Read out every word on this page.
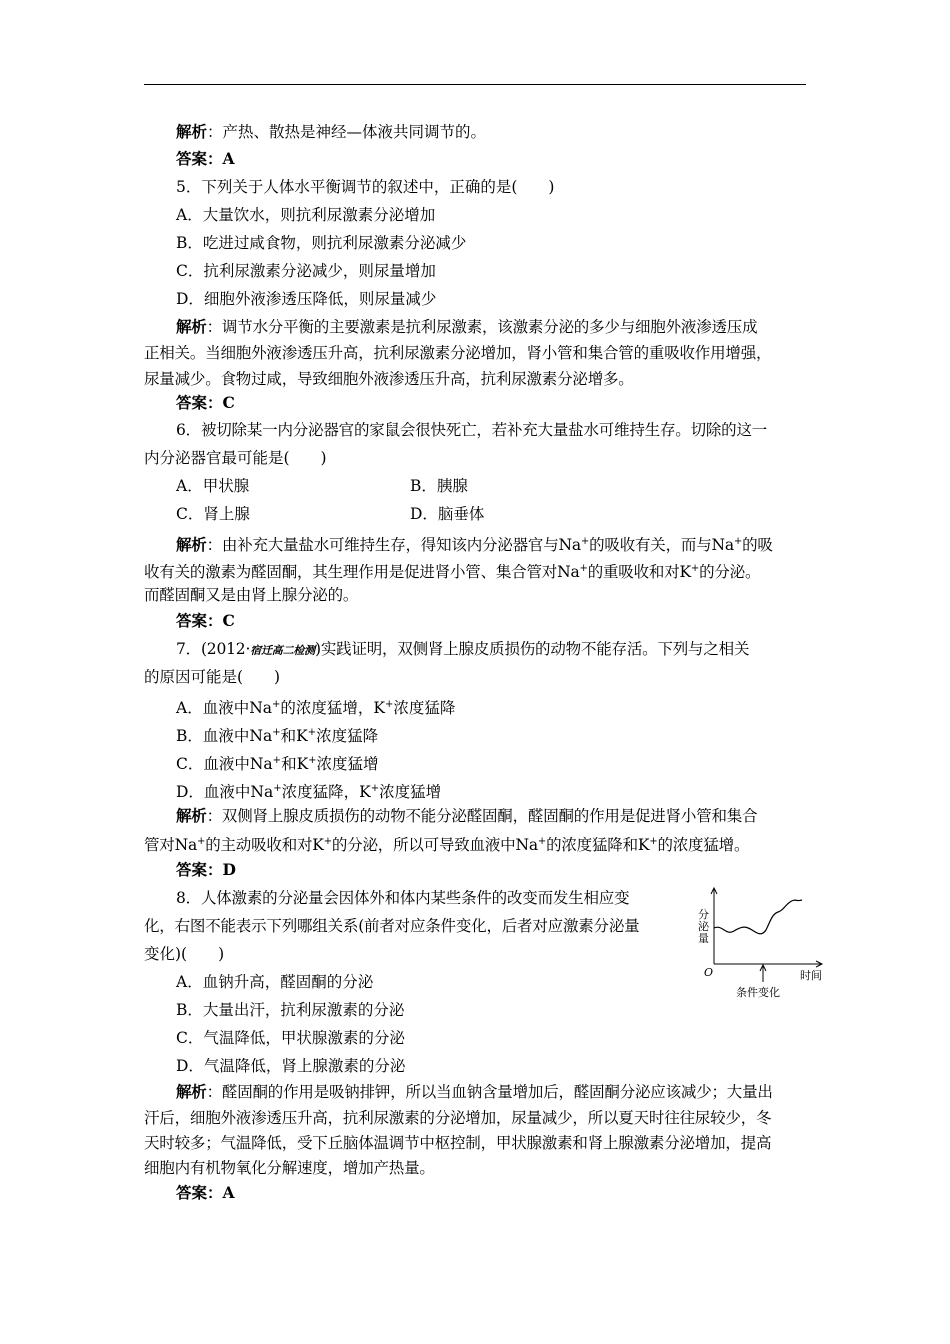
解析：产热、散热是神经—体液共同调节的。
答案：A
5．下列关于人体水平衡调节的叙述中，正确的是(　　)
A．大量饮水，则抗利尿激素分泌增加
B．吃进过咸食物，则抗利尿激素分泌减少
C．抗利尿激素分泌减少，则尿量增加
D．细胞外液渗透压降低，则尿量减少
解析：调节水分平衡的主要激素是抗利尿激素，该激素分泌的多少与细胞外液渗透压成
正相关。当细胞外液渗透压升高，抗利尿激素分泌增加，肾小管和集合管的重吸收作用增强，
尿量减少。食物过咸，导致细胞外液渗透压升高，抗利尿激素分泌增多。
答案：C
6．被切除某一内分泌器官的家鼠会很快死亡，若补充大量盐水可维持生存。切除的这一
内分泌器官最可能是(　　)
A．甲状腺	B．胰腺
C．肾上腺	D．脑垂体
解析：由补充大量盐水可维持生存，得知该内分泌器官与Na+的吸收有关，而与Na+的吸
收有关的激素为醛固酮，其生理作用是促进肾小管、集合管对Na+的重吸收和对K+的分泌。
而醛固酮又是由肾上腺分泌的。
答案：C
7．(2012·宿迁高二检测)实践证明，双侧肾上腺皮质损伤的动物不能存活。下列与之相关
的原因可能是(　　)
A．血液中Na+的浓度猛增，K+浓度猛降
B．血液中Na+和K+浓度猛降
C．血液中Na+和K+浓度猛增
D．血液中Na+浓度猛降，K+浓度猛增
解析：双侧肾上腺皮质损伤的动物不能分泌醛固酮，醛固酮的作用是促进肾小管和集合
管对Na+的主动吸收和对K+的分泌，所以可导致血液中Na+的浓度猛降和K+的浓度猛增。
答案：D
8．人体激素的分泌量会因体外和体内某些条件的改变而发生相应变
化，右图不能表示下列哪组关系(前者对应条件变化，后者对应激素分泌量
变化)(　　)
A．血钠升高，醛固酮的分泌
B．大量出汗，抗利尿激素的分泌
C．气温降低，甲状腺激素的分泌
D．气温降低，肾上腺激素的分泌
解析：醛固酮的作用是吸钠排钾，所以当血钠含量增加后，醛固酮分泌应该减少；大量出
汗后，细胞外液渗透压升高，抗利尿激素的分泌增加，尿量减少，所以夏天时往往尿较少，冬
天时较多；气温降低，受下丘脑体温调节中枢控制，甲状腺激素和肾上腺激素分泌增加，提高
细胞内有机物氧化分解速度，增加产热量。
答案：A
分
泌
量
O	时间
条件变化
